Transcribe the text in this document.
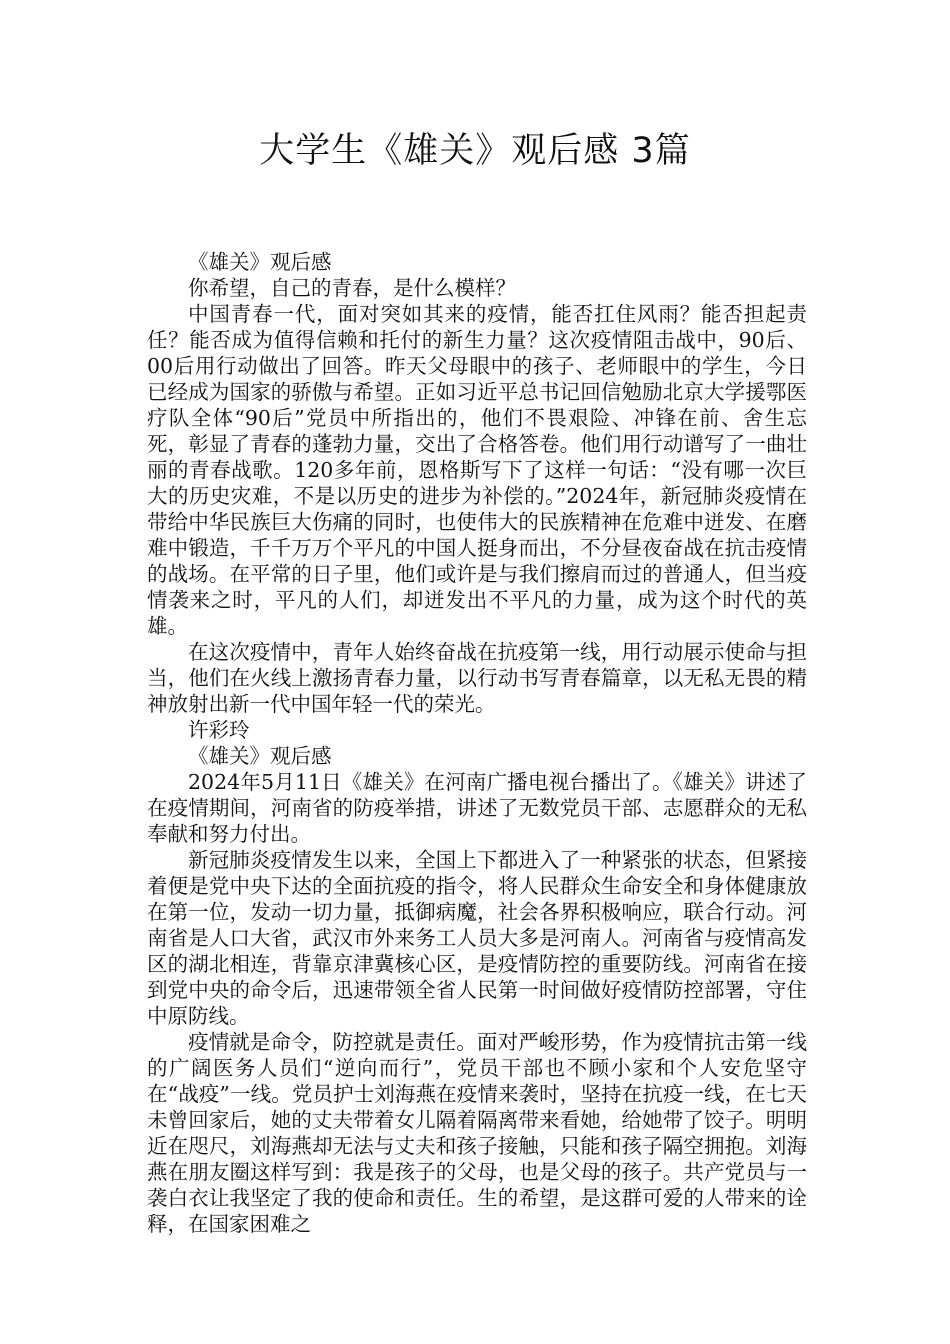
大学生《雄关》观后感 3篇

《雄关》观后感

你希望，自己的青春，是什么模样？

中国青春一代，面对突如其来的疫情，能否扛住风雨？能否担起责任？能否成为值得信赖和托付的新生力量？这次疫情阻击战中，90后、00后用行动做出了回答。昨天父母眼中的孩子、老师眼中的学生，今日已经成为国家的骄傲与希望。正如习近平总书记回信勉励北京大学援鄂医疗队全体“90后”党员中所指出的，他们不畏艰险、冲锋在前、舍生忘死，彰显了青春的蓬勃力量，交出了合格答卷。他们用行动谱写了一曲壮丽的青春战歌。120多年前，恩格斯写下了这样一句话：“没有哪一次巨大的历史灾难，不是以历史的进步为补偿的。”2024年，新冠肺炎疫情在带给中华民族巨大伤痛的同时，也使伟大的民族精神在危难中迸发、在磨难中锻造，千千万万个平凡的中国人挺身而出，不分昼夜奋战在抗击疫情的战场。在平常的日子里，他们或许是与我们擦肩而过的普通人，但当疫情袭来之时，平凡的人们，却迸发出不平凡的力量，成为这个时代的英雄。

在这次疫情中，青年人始终奋战在抗疫第一线，用行动展示使命与担当，他们在火线上激扬青春力量，以行动书写青春篇章，以无私无畏的精神放射出新一代中国年轻一代的荣光。

许彩玲

《雄关》观后感

2024年5月11日《雄关》在河南广播电视台播出了。《雄关》讲述了在疫情期间，河南省的防疫举措，讲述了无数党员干部、志愿群众的无私奉献和努力付出。

新冠肺炎疫情发生以来，全国上下都进入了一种紧张的状态，但紧接着便是党中央下达的全面抗疫的指令，将人民群众生命安全和身体健康放在第一位，发动一切力量，抵御病魔，社会各界积极响应，联合行动。河南省是人口大省，武汉市外来务工人员大多是河南人。河南省与疫情高发区的湖北相连，背靠京津冀核心区，是疫情防控的重要防线。河南省在接到党中央的命令后，迅速带领全省人民第一时间做好疫情防控部署，守住中原防线。

疫情就是命令，防控就是责任。面对严峻形势，作为疫情抗击第一线的广阔医务人员们“逆向而行”，党员干部也不顾小家和个人安危坚守在“战疫”一线。党员护士刘海燕在疫情来袭时，坚持在抗疫一线，在七天未曾回家后，她的丈夫带着女儿隔着隔离带来看她，给她带了饺子。明明近在咫尺，刘海燕却无法与丈夫和孩子接触，只能和孩子隔空拥抱。刘海燕在朋友圈这样写到：我是孩子的父母，也是父母的孩子。共产党员与一袭白衣让我坚定了我的使命和责任。生的希望，是这群可爱的人带来的诠释，在国家困难之
